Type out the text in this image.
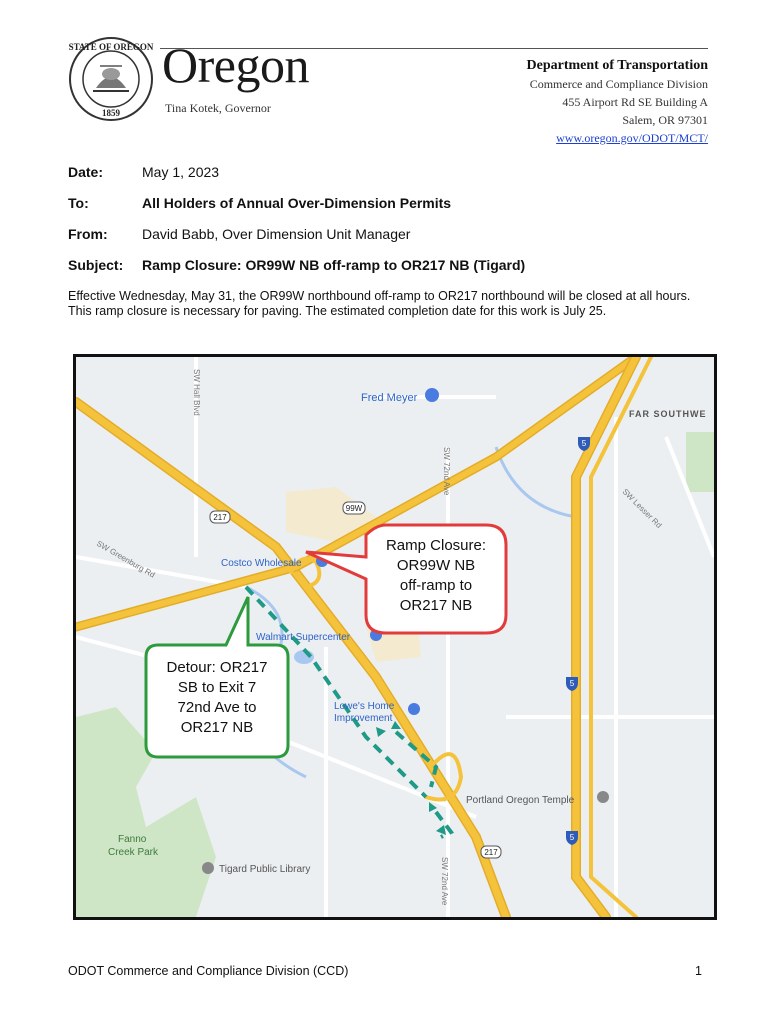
STATE OF OREGON
1859
Oregon
Tina Kotek, Governor
Department of Transportation
Commerce and Compliance Division
455 Airport Rd SE Building A
Salem, OR 97301
www.oregon.gov/ODOT/MCT/
Date:	May 1, 2023
To:	All Holders of Annual Over-Dimension Permits
From: David Babb, Over Dimension Unit Manager
Subject: Ramp Closure: OR99W NB off-ramp to OR217 NB (Tigard)
Effective Wednesday, May 31, the OR99W northbound off-ramp to OR217 northbound will be closed at all hours. This ramp closure is necessary for paving. The estimated completion date for this work is July 25.
Fred Meyer
FAR SOUTHWE
Costco Wholesale
Walmart Supercenter
Lowe's Home
Improvement
Portland Oregon Temple
Fanno
Creek Park
Tigard Public Library
SW Hall Blvd
SW 72nd Ave
SW 72nd Ave
SW Lesser Rd
SW Greenburg Rd
217
217
99W
5
5
5
Ramp Closure:
OR99W NB
off-ramp to
OR217 NB
Detour: OR217
SB to Exit 7
72nd Ave to
OR217 NB
ODOT Commerce and Compliance Division (CCD)	1
